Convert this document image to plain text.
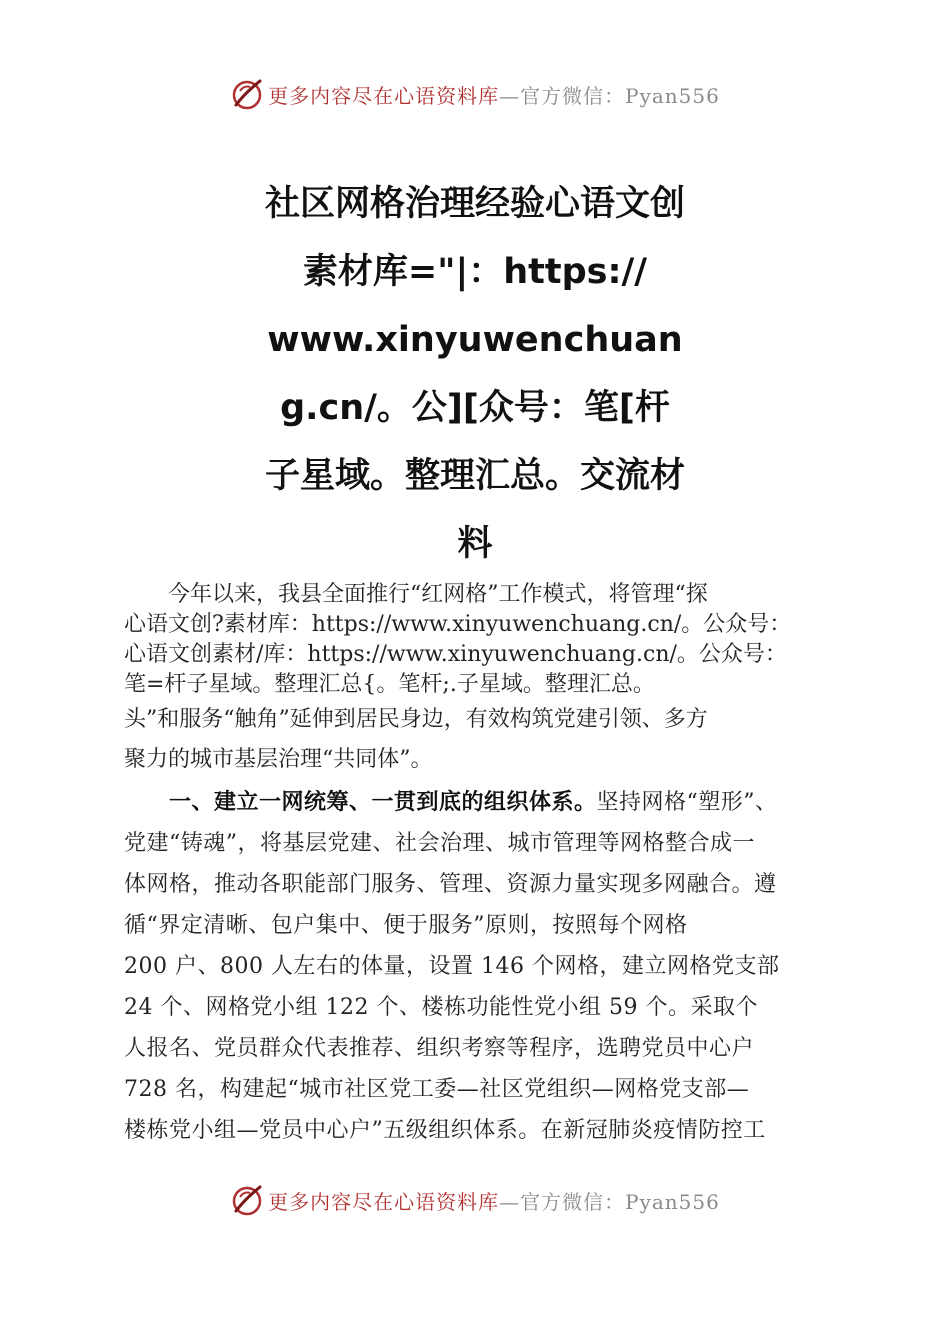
更多内容尽在心语资料库—官方微信：Pyan556
社区网格治理经验心语文创
素材库="|：https://
www.xinyuwenchuan
g.cn/。公][众号：笔[杆
子星域。整理汇总。交流材
料
　　今年以来，我县全面推行“红网格”工作模式，将管理“探
心语文创?素材库：https://www.xinyuwenchuang.cn/。公众号：
心语文创素材/库：https://www.xinyuwenchuang.cn/。公众号：
笔=杆子星域。整理汇总{。笔杆;.子星域。整理汇总。
头”和服务“触角”延伸到居民身边，有效构筑党建引领、多方
聚力的城市基层治理“共同体”。
　　一、建立一网统筹、一贯到底的组织体系。坚持网格“塑形”、
党建“铸魂”，将基层党建、社会治理、城市管理等网格整合成一
体网格，推动各职能部门服务、管理、资源力量实现多网融合。遵
循“界定清晰、包户集中、便于服务”原则，按照每个网格
200 户、800 人左右的体量，设置 146 个网格，建立网格党支部
24 个、网格党小组 122 个、楼栋功能性党小组 59 个。采取个
人报名、党员群众代表推荐、组织考察等程序，选聘党员中心户
728 名，构建起“城市社区党工委—社区党组织—网格党支部—
楼栋党小组—党员中心户”五级组织体系。在新冠肺炎疫情防控工
更多内容尽在心语资料库—官方微信：Pyan556
